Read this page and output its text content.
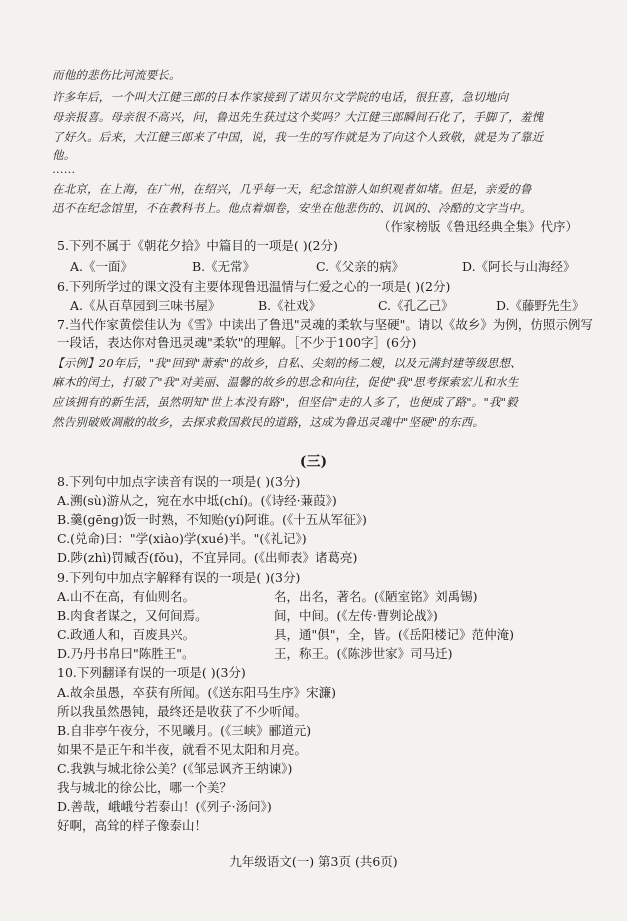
而他的悲伤比河流要长。
许多年后，一个叫大江健三郎的日本作家接到了诺贝尔文学院的电话，很狂喜，急切地向
母亲报喜。母亲很不高兴，问，鲁迅先生获过这个奖吗？大江健三郎瞬间石化了，手脚了，羞愧
了好久。后来，大江健三郎来了中国，说，我一生的写作就是为了向这个人致敬，就是为了靠近
他。
……
在北京，在上海，在广州，在绍兴，几乎每一天，纪念馆游人如织观者如堵。但是，亲爱的鲁
迅不在纪念馆里，不在教科书上。他点着烟卷，安坐在他悲伤的、讥讽的、冷酷的文字当中。
（作家榜版《鲁迅经典全集》代序）
5.下列不属于《朝花夕拾》中篇目的一项是( )(2分)
A.《一面》	B.《无常》	C.《父亲的病》	D.《阿长与山海经》
6.下列所学过的课文没有主要体现鲁迅温情与仁爱之心的一项是( )(2分)
A.《从百草园到三味书屋》	B.《社戏》	C.《孔乙己》	D.《藤野先生》
7.当代作家黄偿佳认为《雪》中读出了鲁迅"灵魂的柔软与坚硬"。请以《故乡》为例，仿照示例写
一段话，表达你对鲁迅灵魂"柔软"的理解。［不少于100字］(6分)
【示例】20年后，"我"回到"萧索"的故乡，自私、尖刻的杨二嫂，以及元满封建等级思想、
麻木的闰土，打破了"我"对美丽、温馨的故乡的思念和向往，促使"我"思考探索宏儿和水生
应该拥有的新生活，虽然明知"世上本没有路"，但坚信"走的人多了，也便成了路"。"我"毅
然告别破败凋敝的故乡，去探求救国救民的道路，这成为鲁迅灵魂中"坚硬"的东西。
(三)
8.下列句中加点字读音有误的一项是( )(3分)
A.溯(sù)游从之，宛在水中坻(chí)。(《诗经·蒹葭》)
B.羹(gēng)饭一时熟，不知贻(yí)阿谁。(《十五从军征》)
C.(兑命)曰："学(xiào)学(xué)半。"(《礼记》)
D.陟(zhì)罚臧否(fǒu)，不宜异同。(《出师表》诸葛亮)
9.下列句中加点字解释有误的一项是( )(3分)
A.山不在高，有仙则名。	名，出名，著名。(《陋室铭》刘禹锡)
B.肉食者谋之，又何间焉。	间，中间。(《左传·曹刿论战》)
C.政通人和，百废具兴。	具，通"俱"，全，皆。(《岳阳楼记》范仲淹)
D.乃丹书帛曰"陈胜王"。	王，称王。(《陈涉世家》司马迁)
10.下列翻译有误的一项是( )(3分)
A.故余虽愚，卒获有所闻。(《送东阳马生序》宋濂)
所以我虽然愚钝，最终还是收获了不少听闻。
B.自非亭午夜分，不见曦月。(《三峡》郦道元)
如果不是正午和半夜，就看不见太阳和月亮。
C.我孰与城北徐公美？(《邹忌讽齐王纳谏》)
我与城北的徐公比，哪一个美？
D.善哉，峨峨兮若泰山！(《列子·汤问》)
好啊，高耸的样子像泰山！
九年级语文(一) 第3页 (共6页)
